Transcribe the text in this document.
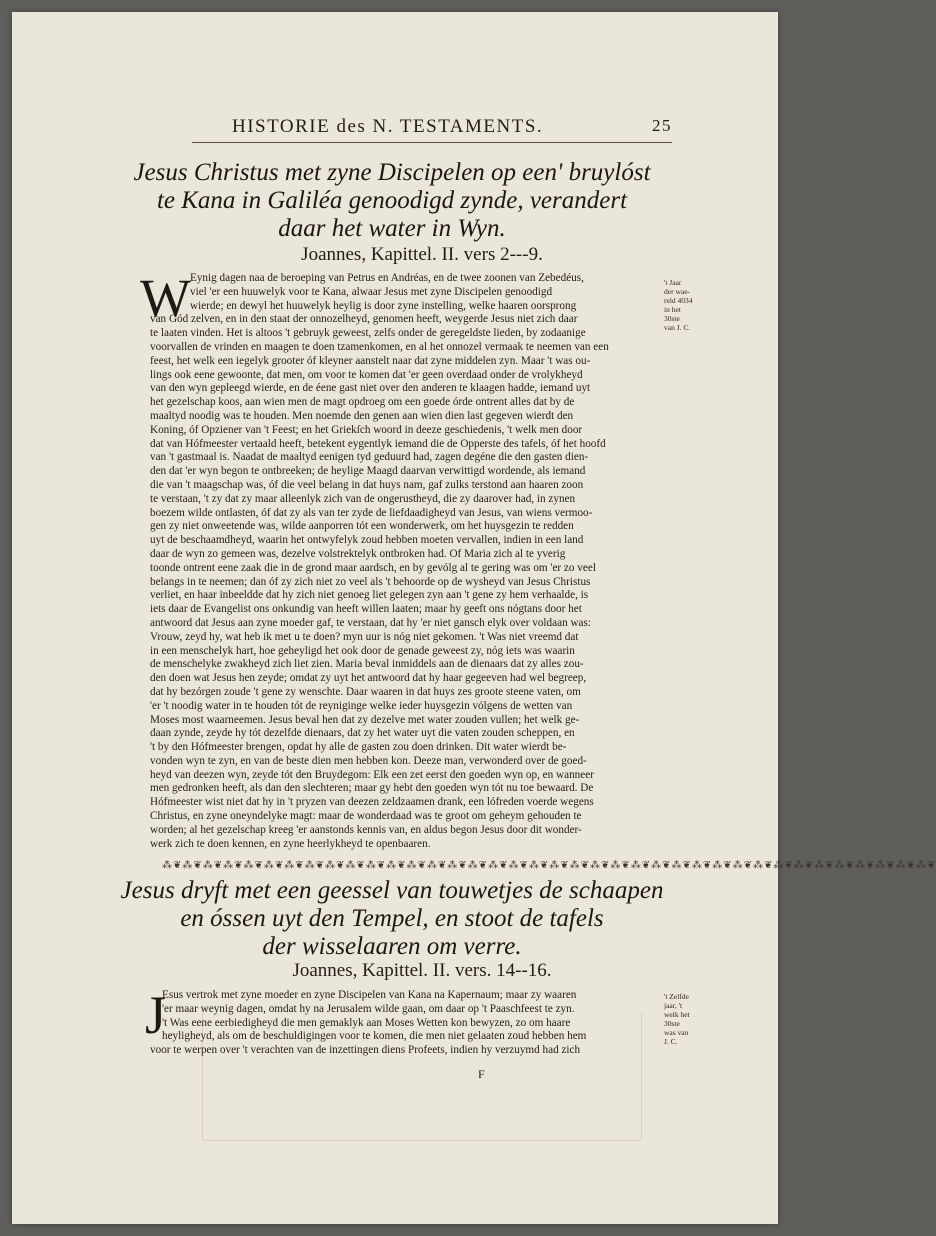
HISTORIE des N. TESTAMENTS.	25
Jesus Christus met zyne Discipelen op een' bruylóst
te Kana in Galiléa genoodigd zynde, verandert
daar het water in Wyn.
Joannes, Kapittel. II. vers 2---9.
W Eynig dagen naa de beroeping van Petrus en Andréas, en de twee zoonen van Zebedéus,
viel 'er een huuwelyk voor te Kana, alwaar Jesus met zyne Discipelen genoodigd
wierde; en dewyl het huuwelyk heylig is door zyne instelling, welke haaren oorsprong
van Gód zelven, en in den staat der onnozelheyd, genomen heeft, weygerde Jesus niet zich daar
te laaten vinden. Het is altoos 't gebruyk geweest, zelfs onder de geregeldste lieden, by zodaanige
voorvallen de vrinden en maagen te doen tzamenkomen, en al het onnozel vermaak te neemen van een
feest, het welk een iegelyk grooter óf kleyner aanstelt naar dat zyne middelen zyn. Maar 't was ou-
lings ook eene gewoonte, dat men, om voor te komen dat 'er geen overdaad onder de vrolykheyd
van den wyn gepleegd wierde, en de éene gast niet over den anderen te klaagen hadde, iemand uyt
het gezelschap koos, aan wien men de magt opdroeg om een goede órde ontrent alles dat by de
maaltyd noodig was te houden. Men noemde den genen aan wien dien last gegeven wierdt den
Koning, óf Opziener van 't Feest; en het Griekſch woord in deeze geschiedenis, 't welk men door
dat van Hófmeester vertaald heeft, betekent eygentlyk iemand die de Opperste des tafels, óf het hoofd
van 't gastmaal is. Naadat de maaltyd eenigen tyd geduurd had, zagen degéne die den gasten dien-
den dat 'er wyn begon te ontbreeken; de heylige Maagd daarvan verwittigd wordende, als iemand
die van 't maagschap was, óf die veel belang in dat huys nam, gaf zulks terstond aan haaren zoon
te verstaan, 't zy dat zy maar alleenlyk zich van de ongerustheyd, die zy daarover had, in zynen
boezem wilde ontlasten, óf dat zy als van ter zyde de liefdaadigheyd van Jesus, van wiens vermoo-
gen zy niet onweetende was, wilde aanporren tót een wonderwerk, om het huysgezin te redden
uyt de beschaamdheyd, waarin het ontwyfelyk zoud hebben moeten vervallen, indien in een land
daar de wyn zo gemeen was, dezelve volstrektelyk ontbroken had. Of Maria zich al te yverig
toonde ontrent eene zaak die in de grond maar aardsch, en by gevólg al te gering was om 'er zo veel
belangs in te neemen; dan óf zy zich niet zo veel als 't behoorde op de wysheyd van Jesus Christus
verliet, en haar inbeeldde dat hy zich niet genoeg liet gelegen zyn aan 't gene zy hem verhaalde, is
iets daar de Evangelist ons onkundig van heeft willen laaten; maar hy geeft ons nógtans door het
antwoord dat Jesus aan zyne moeder gaf, te verstaan, dat hy 'er niet gansch elyk over voldaan was:
Vrouw, zeyd hy, wat heb ik met u te doen? myn uur is nóg niet gekomen. 't Was niet vreemd dat
in een menschelyk hart, hoe geheyligd het ook door de genade geweest zy, nóg iets was waarin
de menschelyke zwakheyd zich liet zien. Maria beval inmiddels aan de dienaars dat zy alles zou-
den doen wat Jesus hen zeyde; omdat zy uyt het antwoord dat hy haar gegeeven had wel begreep,
dat hy bezórgen zoude 't gene zy wenschte. Daar waaren in dat huys zes groote steene vaten, om
'er 't noodig water in te houden tót de reyniginge welke ieder huysgezin vólgens de wetten van
Moses most waarneemen. Jesus beval hen dat zy dezelve met water zouden vullen; het welk ge-
daan zynde, zeyde hy tót dezelfde dienaars, dat zy het water uyt die vaten zouden scheppen, en
't by den Hófmeester brengen, opdat hy alle de gasten zou doen drinken. Dit water wierdt be-
vonden wyn te zyn, en van de beste dien men hebben kon. Deeze man, verwonderd over de goed-
heyd van deezen wyn, zeyde tót den Bruydegom: Elk een zet eerst den goeden wyn op, en wanneer
men gedronken heeft, als dan den slechteren; maar gy hebt den goeden wyn tót nu toe bewaard. De
Hófmeester wist niet dat hy in 't pryzen van deezen zeldzaamen drank, een lófreden voerde wegens
Christus, en zyne oneyndelyke magt: maar de wonderdaad was te groot om geheym gehouden te
worden; al het gezelschap kreeg 'er aanstonds kennis van, en aldus begon Jesus door dit wonder-
werk zich te doen kennen, en zyne heerlykheyd te openbaaren.
't Jaar
der wae-
reld 4034
in het
30ste
van J. C.
⁂❦⁂❦⁂❦⁂❦⁂❦⁂❦⁂❦⁂❦⁂❦⁂❦⁂❦⁂❦⁂❦⁂❦⁂❦⁂❦⁂❦⁂❦⁂❦⁂❦⁂❦⁂❦⁂❦⁂❦⁂❦⁂❦⁂❦⁂❦⁂❦⁂❦⁂❦⁂❦⁂❦⁂❦⁂❦⁂❦⁂❦⁂❦
Jesus dryft met een geessel van touwetjes de schaapen
en óssen uyt den Tempel, en stoot de tafels
der wisselaaren om verre.
Joannes, Kapittel. II. vers. 14--16.
J
Esus vertrok met zyne moeder en zyne Discipelen van Kana na Kapernaum; maar zy waaren
'er maar weynig dagen, omdat hy na Jerusalem wilde gaan, om daar op 't Paaschfeest te zyn.
't Was eene eerbiedigheyd die men gemaklyk aan Moses Wetten kon bewyzen, zo om haare
heyligheyd, als om de beschuldigingen voor te komen, die men niet gelaaten zoud hebben hem
voor te werpen over 't verachten van de inzettingen diens Profeets, indien hy verzuymd had zich
't Zelfde
jaar, 't
welk het
30ste
was van
J. C.
F
